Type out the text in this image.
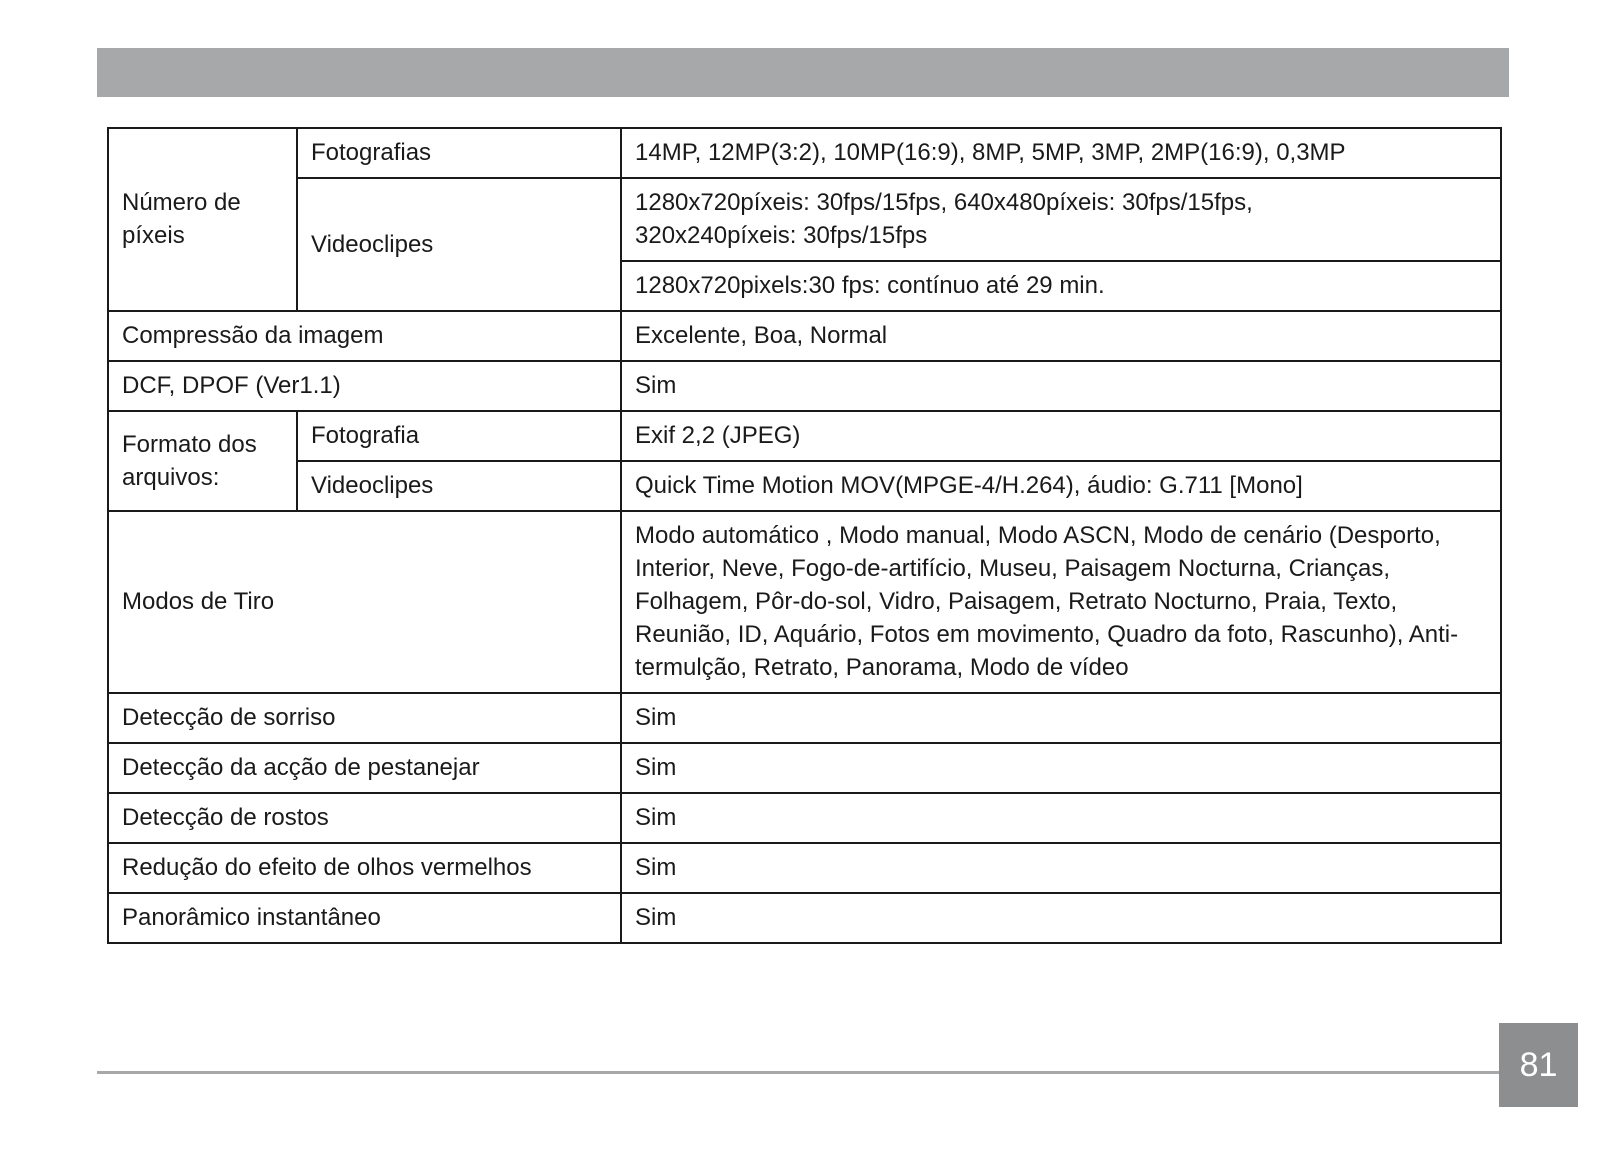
Número de píxeis	Fotografias	14MP, 12MP(3:2), 10MP(16:9), 8MP, 5MP, 3MP, 2MP(16:9), 0,3MP
	Videoclipes	1280x720píxeis: 30fps/15fps, 640x480píxeis: 30fps/15fps,
320x240píxeis: 30fps/15fps
		1280x720pixels:30 fps: contínuo até 29 min.
Compressão da imagem		Excelente, Boa, Normal
DCF, DPOF (Ver1.1)		Sim
Formato dos arquivos:	Fotografia	Exif 2,2 (JPEG)
	Videoclipes	Quick Time Motion MOV(MPGE-4/H.264), áudio: G.711 [Mono]
Modos de Tiro		Modo automático , Modo manual, Modo ASCN, Modo de cenário (Desporto, Interior, Neve, Fogo-de-artifício, Museu, Paisagem Nocturna, Crianças, Folhagem, Pôr-do-sol, Vidro, Paisagem, Retrato Nocturno, Praia, Texto, Reunião, ID, Aquário, Fotos em movimento, Quadro da foto, Rascunho), Anti-termulção, Retrato, Panorama, Modo de vídeo
Detecção de sorriso		Sim
Detecção da acção de pestanejar		Sim
Detecção de rostos		Sim
Redução do efeito de olhos vermelhos		Sim
Panorâmico instantâneo		Sim
81
